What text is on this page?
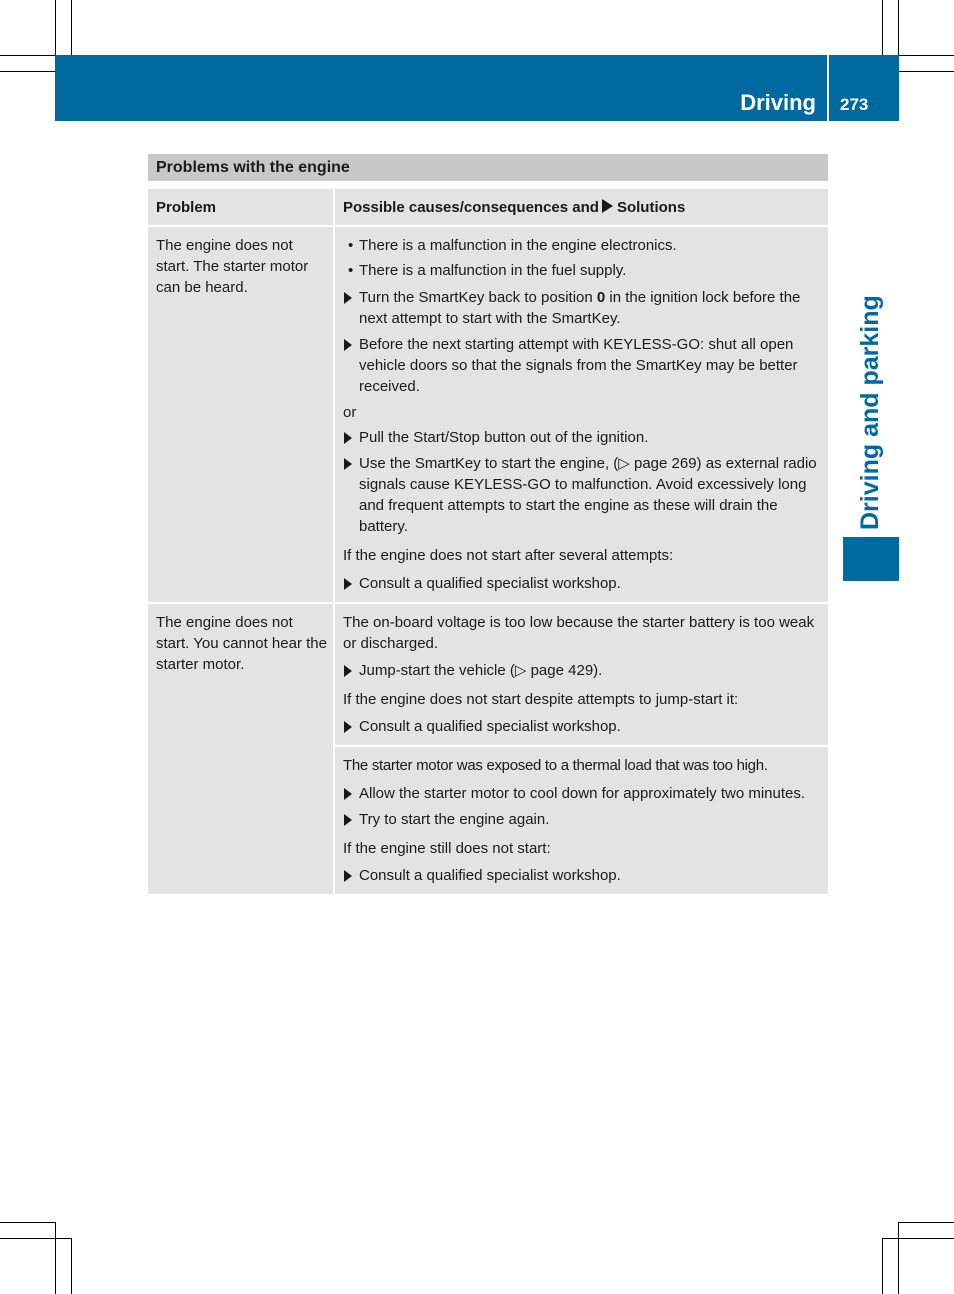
Driving 273
Driving and parking
Problems with the engine
Problem	Possible causes/consequences and Solutions
The engine does not start. The starter motor can be heard.
• There is a malfunction in the engine electronics.
• There is a malfunction in the fuel supply.
Turn the SmartKey back to position 0 in the ignition lock before the next attempt to start with the SmartKey.
Before the next starting attempt with KEYLESS-GO: shut all open vehicle doors so that the signals from the SmartKey may be better received.
or
Pull the Start/Stop button out of the ignition.
Use the SmartKey to start the engine, (▷ page 269) as external radio signals cause KEYLESS-GO to malfunction. Avoid excessively long and frequent attempts to start the engine as these will drain the battery.
If the engine does not start after several attempts:
Consult a qualified specialist workshop.
The engine does not start. You cannot hear the starter motor.
The on-board voltage is too low because the starter battery is too weak or discharged.
Jump-start the vehicle (▷ page 429).
If the engine does not start despite attempts to jump-start it:
Consult a qualified specialist workshop.
The starter motor was exposed to a thermal load that was too high.
Allow the starter motor to cool down for approximately two minutes.
Try to start the engine again.
If the engine still does not start:
Consult a qualified specialist workshop.
